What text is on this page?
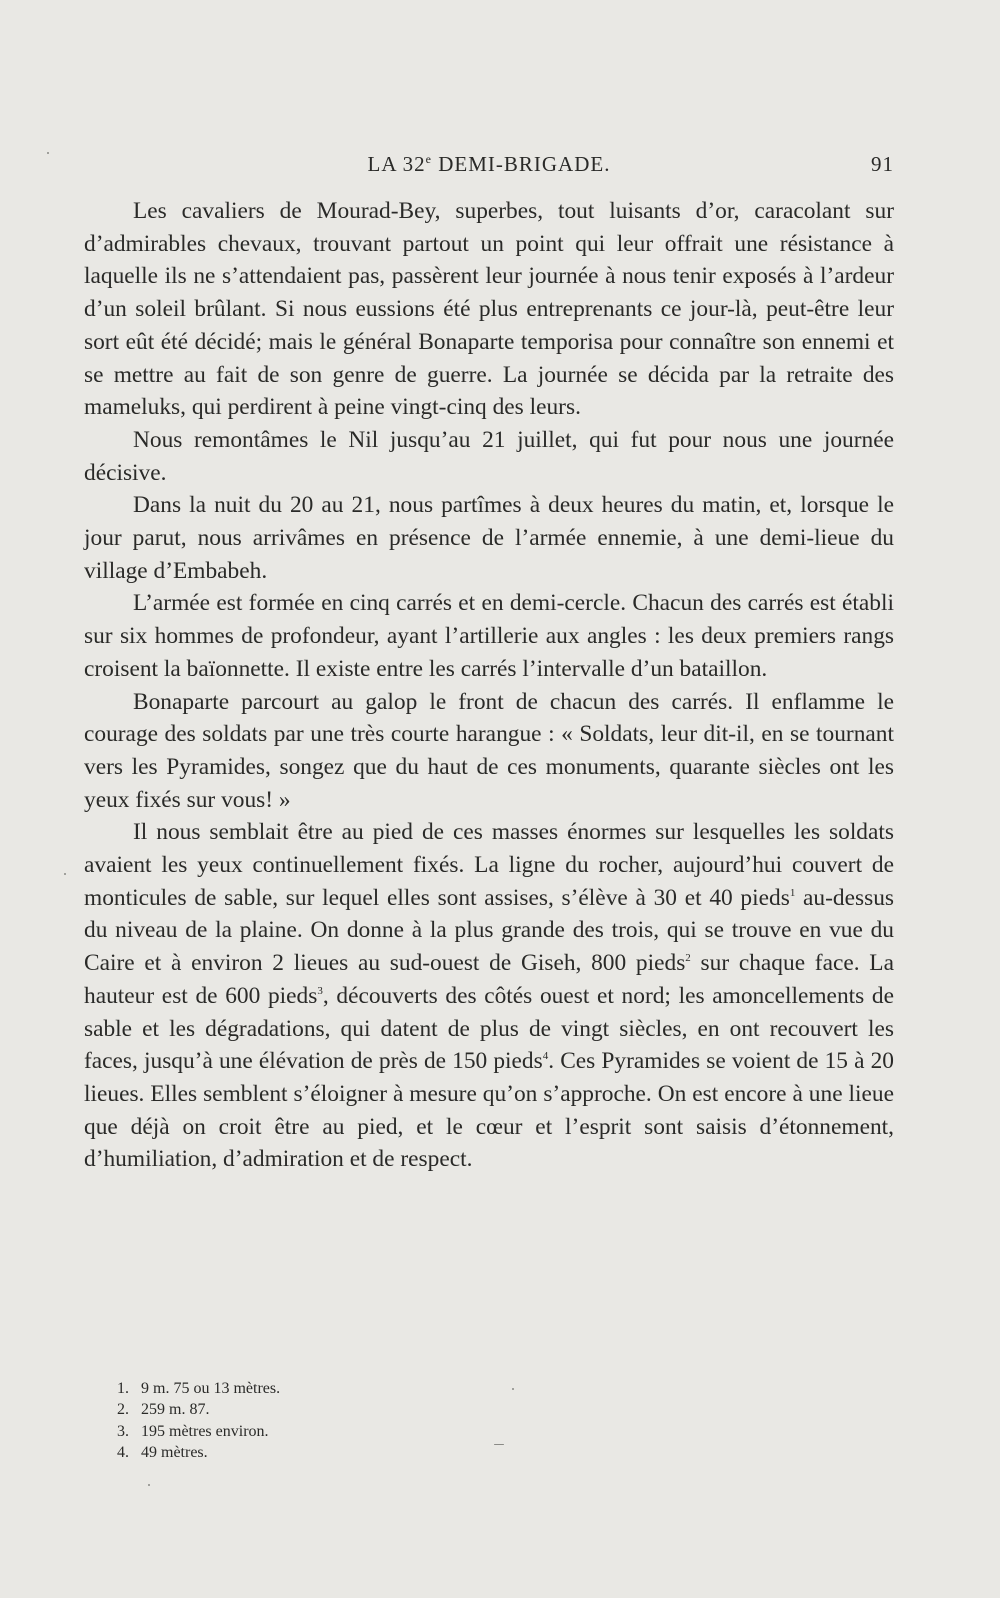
LA 32e DEMI-BRIGADE.	91

Les cavaliers de Mourad-Bey, superbes, tout luisants d’or, caracolant sur d’admirables chevaux, trouvant partout un point qui leur offrait une résistance à laquelle ils ne s’attendaient pas, passèrent leur journée à nous tenir exposés à l’ardeur d’un soleil brûlant. Si nous eussions été plus entreprenants ce jour-là, peut-être leur sort eût été décidé; mais le général Bonaparte temporisa pour connaître son ennemi et se mettre au fait de son genre de guerre. La journée se décida par la retraite des mameluks, qui perdirent à peine vingt-cinq des leurs.

Nous remontâmes le Nil jusqu’au 21 juillet, qui fut pour nous une journée décisive.

Dans la nuit du 20 au 21, nous partîmes à deux heures du matin, et, lorsque le jour parut, nous arrivâmes en présence de l’armée ennemie, à une demi-lieue du village d’Embabeh.

L’armée est formée en cinq carrés et en demi-cercle. Chacun des carrés est établi sur six hommes de profondeur, ayant l’artillerie aux angles : les deux premiers rangs croisent la baïonnette. Il existe entre les carrés l’intervalle d’un bataillon.

Bonaparte parcourt au galop le front de chacun des carrés. Il enflamme le courage des soldats par une très courte harangue : « Soldats, leur dit-il, en se tournant vers les Pyramides, songez que du haut de ces monuments, quarante siècles ont les yeux fixés sur vous! »

Il nous semblait être au pied de ces masses énormes sur lesquelles les soldats avaient les yeux continuellement fixés. La ligne du rocher, aujourd’hui couvert de monticules de sable, sur lequel elles sont assises, s’élève à 30 et 40 pieds$^1$ au-dessus du niveau de la plaine. On donne à la plus grande des trois, qui se trouve en vue du Caire et à environ 2 lieues au sud-ouest de Giseh, 800 pieds$^2$ sur chaque face. La hauteur est de 600 pieds$^3$, découverts des côtés ouest et nord; les amoncellements de sable et les dégradations, qui datent de plus de vingt siècles, en ont recouvert les faces, jusqu’à une élévation de près de 150 pieds$^4$. Ces Pyramides se voient de 15 à 20 lieues. Elles semblent s’éloigner à mesure qu’on s’approche. On est encore à une lieue que déjà on croit être au pied, et le cœur et l’esprit sont saisis d’étonnement, d’humiliation, d’admiration et de respect.

1. 9 m. 75 ou 13 mètres.
2. 259 m. 87.
3. 195 mètres environ.
4. 49 mètres.
